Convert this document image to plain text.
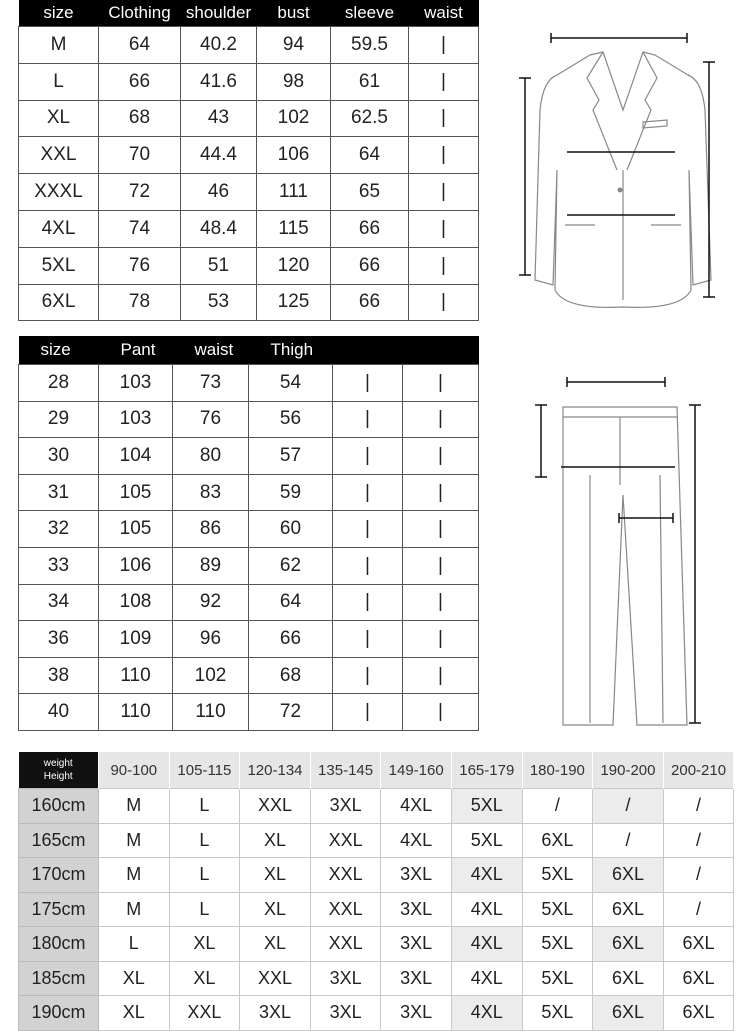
size	Clothing	shoulder	bust	sleeve	waist
M	64	40.2	94	59.5	|
L	66	41.6	98	61	|
XL	68	43	102	62.5	|
XXL	70	44.4	106	64	|
XXXL	72	46	111	65	|
4XL	74	48.4	115	66	|
5XL	76	51	120	66	|
6XL	78	53	125	66	|
size	Pant	waist	Thigh		
28	103	73	54	|	|
29	103	76	56	|	|
30	104	80	57	|	|
31	105	83	59	|	|
32	105	86	60	|	|
33	106	89	62	|	|
34	108	92	64	|	|
36	109	96	66	|	|
38	110	102	68	|	|
40	110	110	72	|	|
weight
Height	90-100	105-115	120-134	135-145	149-160	165-179	180-190	190-200	200-210
160cm	M	L	XXL	3XL	4XL	5XL	/	/	/
165cm	M	L	XL	XXL	4XL	5XL	6XL	/	/
170cm	M	L	XL	XXL	3XL	4XL	5XL	6XL	/
175cm	M	L	XL	XXL	3XL	4XL	5XL	6XL	/
180cm	L	XL	XL	XXL	3XL	4XL	5XL	6XL	6XL
185cm	XL	XL	XXL	3XL	3XL	4XL	5XL	6XL	6XL
190cm	XL	XXL	3XL	3XL	3XL	4XL	5XL	6XL	6XL
